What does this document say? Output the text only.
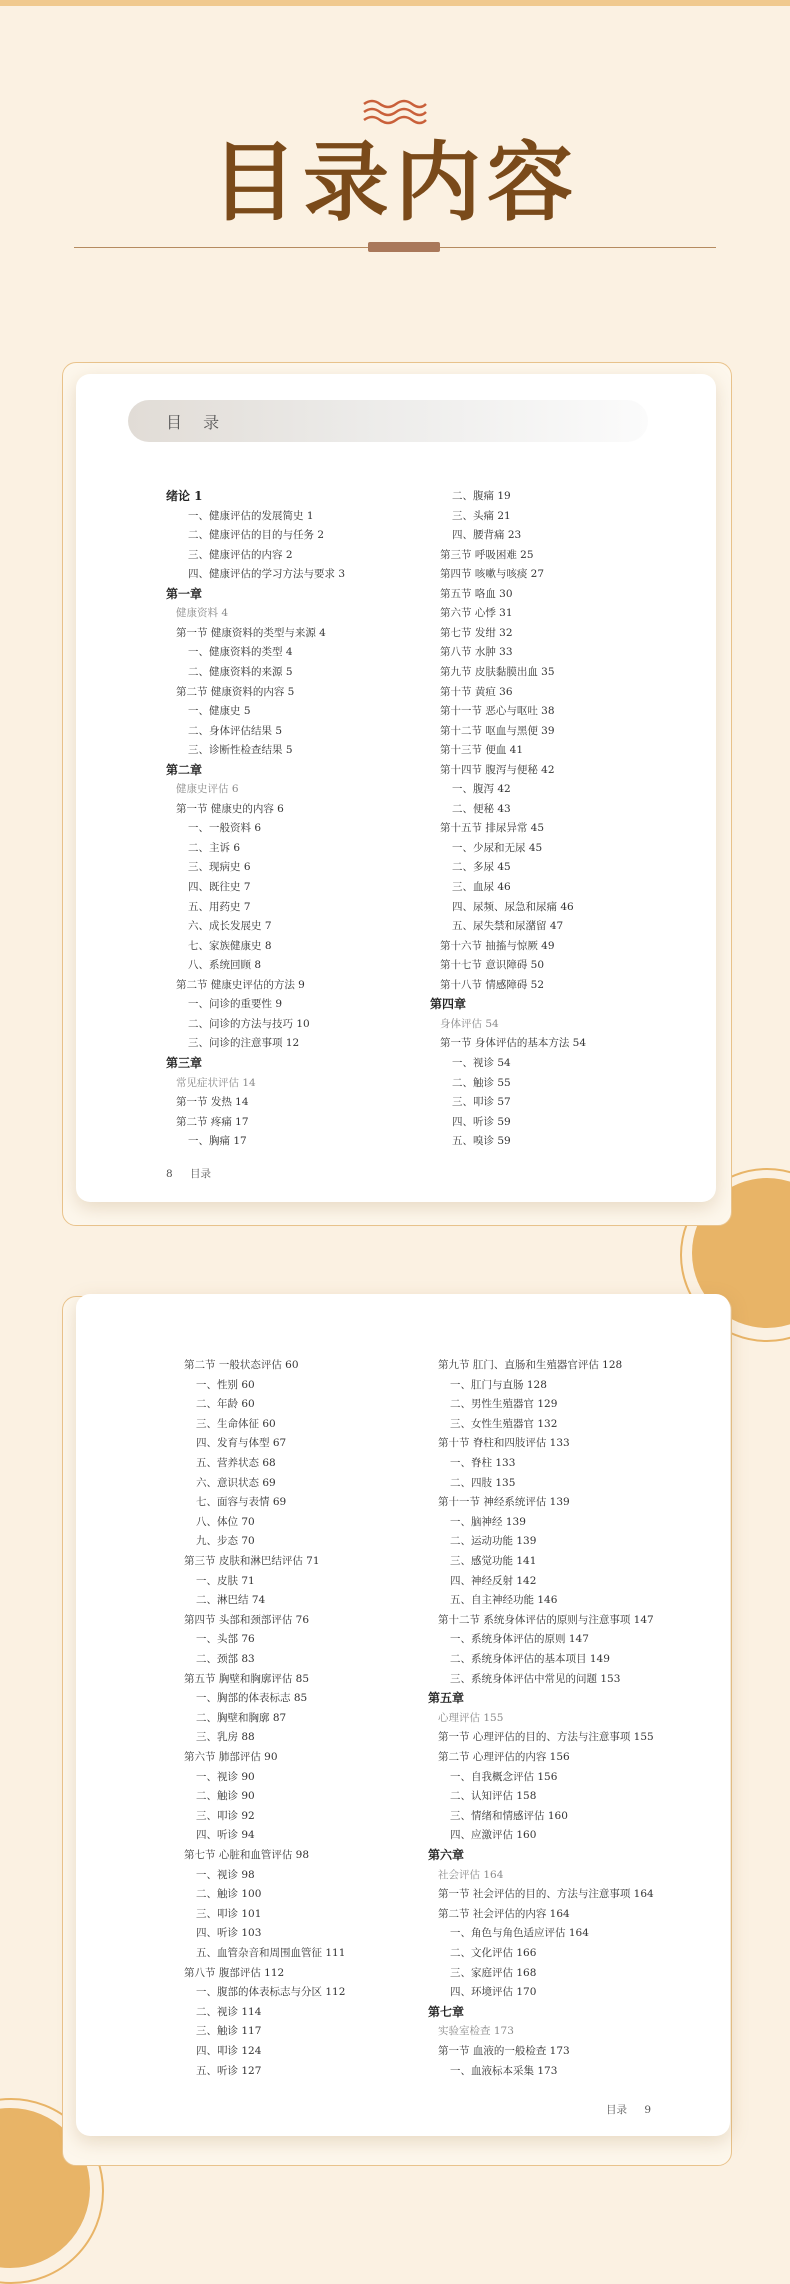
目录内容
目 录
绪论 1
一、健康评估的发展简史 1
二、健康评估的目的与任务 2
三、健康评估的内容 2
四、健康评估的学习方法与要求 3
第一章
健康资料 4
第一节 健康资料的类型与来源 4
一、健康资料的类型 4
二、健康资料的来源 5
第二节 健康资料的内容 5
一、健康史 5
二、身体评估结果 5
三、诊断性检查结果 5
第二章
健康史评估 6
第一节 健康史的内容 6
一、一般资料 6
二、主诉 6
三、现病史 6
四、既往史 7
五、用药史 7
六、成长发展史 7
七、家族健康史 8
八、系统回顾 8
第二节 健康史评估的方法 9
一、问诊的重要性 9
二、问诊的方法与技巧 10
三、问诊的注意事项 12
第三章
常见症状评估 14
第一节 发热 14
第二节 疼痛 17
一、胸痛 17
二、腹痛 19
三、头痛 21
四、腰背痛 23
第三节 呼吸困难 25
第四节 咳嗽与咳痰 27
第五节 咯血 30
第六节 心悸 31
第七节 发绀 32
第八节 水肿 33
第九节 皮肤黏膜出血 35
第十节 黄疸 36
第十一节 恶心与呕吐 38
第十二节 呕血与黑便 39
第十三节 便血 41
第十四节 腹泻与便秘 42
一、腹泻 42
二、便秘 43
第十五节 排尿异常 45
一、少尿和无尿 45
二、多尿 45
三、血尿 46
四、尿频、尿急和尿痛 46
五、尿失禁和尿潴留 47
第十六节 抽搐与惊厥 49
第十七节 意识障碍 50
第十八节 情感障碍 52
第四章
身体评估 54
第一节 身体评估的基本方法 54
一、视诊 54
二、触诊 55
三、叩诊 57
四、听诊 59
五、嗅诊 59
8 目录
第二节 一般状态评估 60
一、性别 60
二、年龄 60
三、生命体征 60
四、发育与体型 67
五、营养状态 68
六、意识状态 69
七、面容与表情 69
八、体位 70
九、步态 70
第三节 皮肤和淋巴结评估 71
一、皮肤 71
二、淋巴结 74
第四节 头部和颈部评估 76
一、头部 76
二、颈部 83
第五节 胸壁和胸廓评估 85
一、胸部的体表标志 85
二、胸壁和胸廓 87
三、乳房 88
第六节 肺部评估 90
一、视诊 90
二、触诊 90
三、叩诊 92
四、听诊 94
第七节 心脏和血管评估 98
一、视诊 98
二、触诊 100
三、叩诊 101
四、听诊 103
五、血管杂音和周围血管征 111
第八节 腹部评估 112
一、腹部的体表标志与分区 112
二、视诊 114
三、触诊 117
四、叩诊 124
五、听诊 127
第九节 肛门、直肠和生殖器官评估 128
一、肛门与直肠 128
二、男性生殖器官 129
三、女性生殖器官 132
第十节 脊柱和四肢评估 133
一、脊柱 133
二、四肢 135
第十一节 神经系统评估 139
一、脑神经 139
二、运动功能 139
三、感觉功能 141
四、神经反射 142
五、自主神经功能 146
第十二节 系统身体评估的原则与注意事项 147
一、系统身体评估的原则 147
二、系统身体评估的基本项目 149
三、系统身体评估中常见的问题 153
第五章
心理评估 155
第一节 心理评估的目的、方法与注意事项 155
第二节 心理评估的内容 156
一、自我概念评估 156
二、认知评估 158
三、情绪和情感评估 160
四、应激评估 160
第六章
社会评估 164
第一节 社会评估的目的、方法与注意事项 164
第二节 社会评估的内容 164
一、角色与角色适应评估 164
二、文化评估 166
三、家庭评估 168
四、环境评估 170
第七章
实验室检查 173
第一节 血液的一般检查 173
一、血液标本采集 173
目录 9
